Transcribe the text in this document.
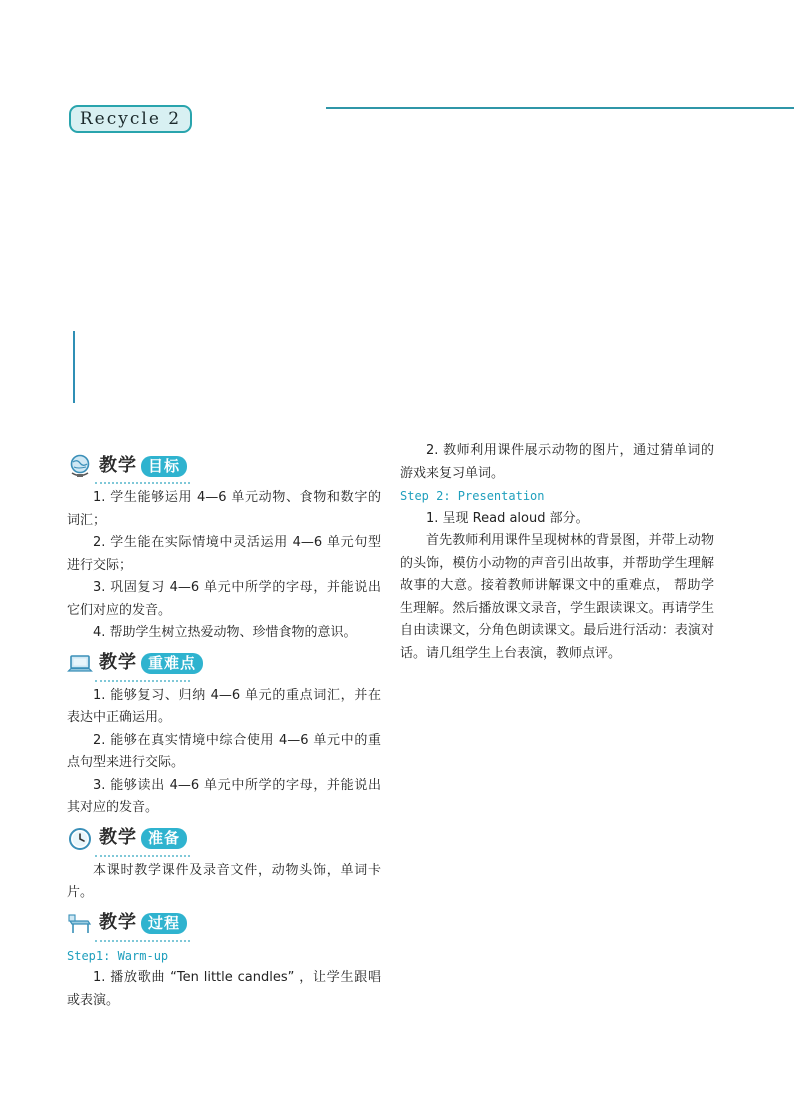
Recycle 2
教学 目标

1. 学生能够运用 4—6 单元动物、食物和数字的词汇；

2. 学生能在实际情境中灵活运用 4—6 单元句型进行交际；

3. 巩固复习 4—6 单元中所学的字母，并能说出它们对应的发音。

4. 帮助学生树立热爱动物、珍惜食物的意识。

教学 重难点

1. 能够复习、归纳 4—6 单元的重点词汇，并在表达中正确运用。

2. 能够在真实情境中综合使用 4—6 单元中的重点句型来进行交际。

3. 能够读出 4—6 单元中所学的字母，并能说出其对应的发音。

教学 准备

本课时教学课件及录音文件，动物头饰，单词卡片。

教学 过程
Step1: Warm-up

1. 播放歌曲 “Ten little candles” ，让学生跟唱或表演。

2. 教师利用课件展示动物的图片，通过猜单词的游戏来复习单词。

Step 2: Presentation

1. 呈现 Read aloud 部分。

首先教师利用课件呈现树林的背景图，并带上动物的头饰，模仿小动物的声音引出故事，并帮助学生理解故事的大意。接着教师讲解课文中的重难点， 帮助学生理解。然后播放课文录音，学生跟读课文。再请学生自由读课文，分角色朗读课文。最后进行活动：表演对话。请几组学生上台表演，教师点评。
